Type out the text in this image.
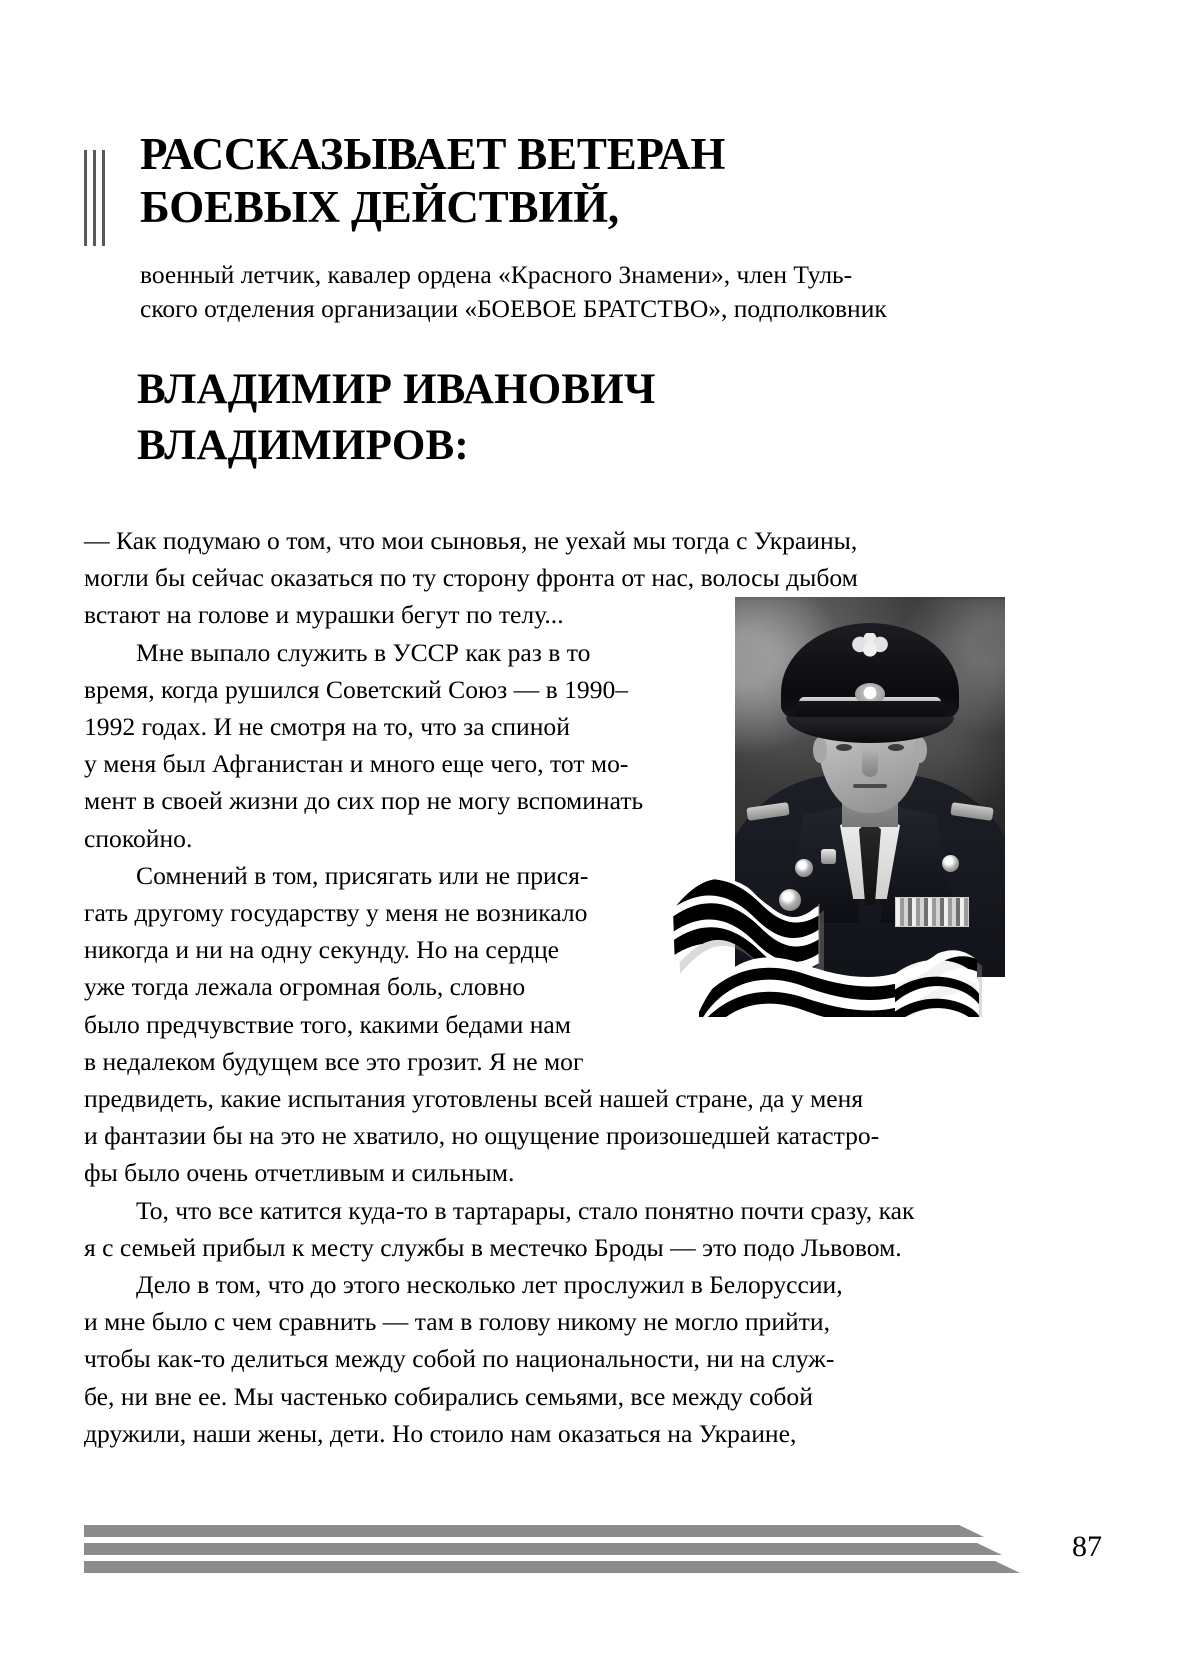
РАССКАЗЫВАЕТ ВЕТЕРАН
БОЕВЫХ ДЕЙСТВИЙ,
военный летчик, кавалер ордена «Красного Знамени», член Туль-
ского отделения организации «БОЕВОЕ БРАТСТВО», подполковник
ВЛАДИМИР ИВАНОВИЧ
ВЛАДИМИРОВ:

— Как подумаю о том, что мои сыновья, не уехай мы тогда с Украины,
могли бы сейчас оказаться по ту сторону фронта от нас, волосы дыбом
встают на голове и мурашки бегут по телу...

Мне выпало служить в УССР как раз в то
время, когда рушился Советский Союз — в 1990–
1992 годах. И не смотря на то, что за спиной
у меня был Афганистан и много еще чего, тот мо-
мент в своей жизни до сих пор не могу вспоминать
спокойно.

Сомнений в том, присягать или не прися-
гать другому государству у меня не возникало
никогда и ни на одну секунду. Но на сердце
уже тогда лежала огромная боль, словно
было предчувствие того, какими бедами нам
в недалеком будущем все это грозит. Я не мог
предвидеть, какие испытания уготовлены всей нашей стране, да у меня
и фантазии бы на это не хватило, но ощущение произошедшей катастро-
фы было очень отчетливым и сильным.

То, что все катится куда-то в тартарары, стало понятно почти сразу, как
я с семьей прибыл к месту службы в местечко Броды — это подо Львовом.

Дело в том, что до этого несколько лет прослужил в Белоруссии,
и мне было с чем сравнить — там в голову никому не могло прийти,
чтобы как-то делиться между собой по национальности, ни на служ-
бе, ни вне ее. Мы частенько собирались семьями, все между собой
дружили, наши жены, дети. Но стоило нам оказаться на Украине,

87
